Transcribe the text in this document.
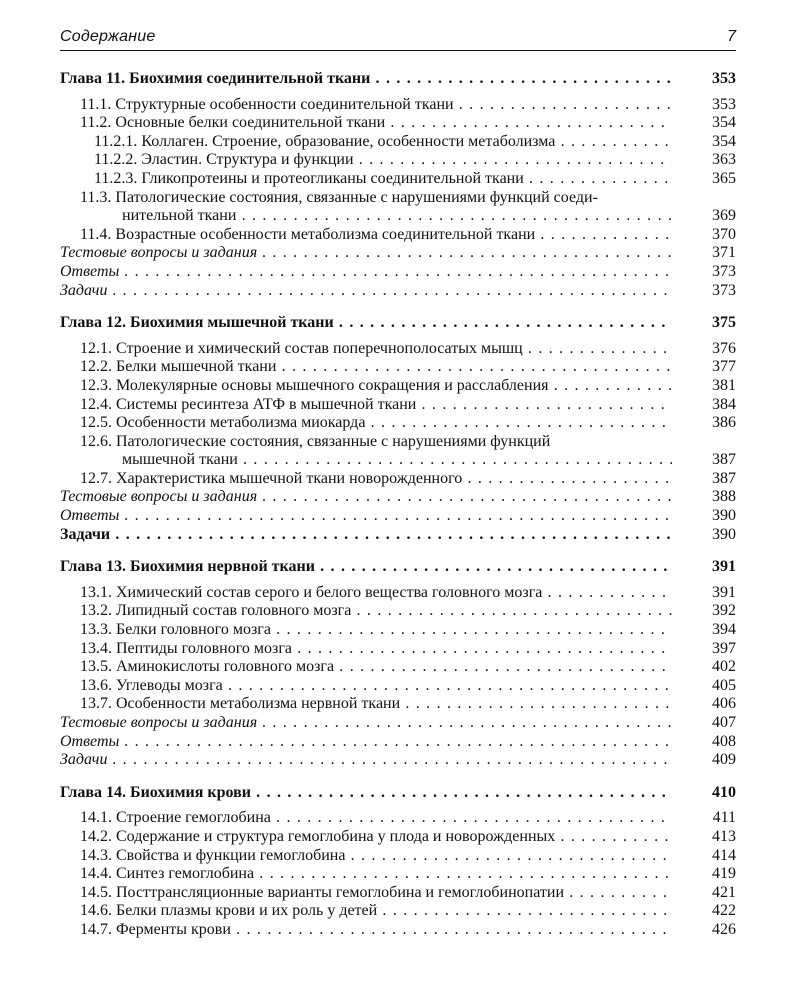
Содержание	7
Глава 11. Биохимия соединительной ткани . . .	353
11.1. Структурные особенности соединительной ткани . . .	353
11.2. Основные белки соединительной ткани . . .	354
11.2.1. Коллаген. Строение, образование, особенности метаболизма . . .	354
11.2.2. Эластин. Структура и функции . . .	363
11.2.3. Гликопротеины и протеогликаны соединительной ткани . . .	365
11.3. Патологические состояния, связанные с нарушениями функций соеди-
нительной ткани . . .	369
11.4. Возрастные особенности метаболизма соединительной ткани . . .	370
Тестовые вопросы и задания . . .	371
Ответы . . .	373
Задачи . . .	373
Глава 12. Биохимия мышечной ткани . . .	375
12.1. Строение и химический состав поперечнополосатых мышц . . .	376
12.2. Белки мышечной ткани . . .	377
12.3. Молекулярные основы мышечного сокращения и расслабления . . .	381
12.4. Системы ресинтеза АТФ в мышечной ткани . . .	384
12.5. Особенности метаболизма миокарда . . .	386
12.6. Патологические состояния, связанные с нарушениями функций
мышечной ткани . . .	387
12.7. Характеристика мышечной ткани новорожденного . . .	387
Тестовые вопросы и задания . . .	388
Ответы . . .	390
Задачи . . .	390
Глава 13. Биохимия нервной ткани . . .	391
13.1. Химический состав серого и белого вещества головного мозга . . .	391
13.2. Липидный состав головного мозга . . .	392
13.3. Белки головного мозга . . .	394
13.4. Пептиды головного мозга . . .	397
13.5. Аминокислоты головного мозга . . .	402
13.6. Углеводы мозга . . .	405
13.7. Особенности метаболизма нервной ткани . . .	406
Тестовые вопросы и задания . . .	407
Ответы . . .	408
Задачи . . .	409
Глава 14. Биохимия крови . . .	410
14.1. Строение гемоглобина . . .	411
14.2. Содержание и структура гемоглобина у плода и новорожденных . . .	413
14.3. Свойства и функции гемоглобина . . .	414
14.4. Синтез гемоглобина . . .	419
14.5. Посттрансляционные варианты гемоглобина и гемоглобинопатии . . .	421
14.6. Белки плазмы крови и их роль у детей . . .	422
14.7. Ферменты крови . . .	426
